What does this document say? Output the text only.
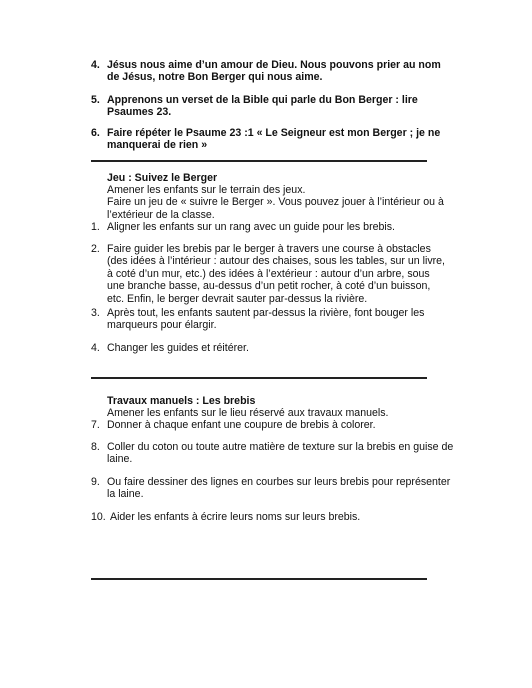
4. Jésus nous aime d’un amour de Dieu. Nous pouvons prier au nom
de Jésus, notre Bon Berger qui nous aime.
5. Apprenons un verset de la Bible qui parle du Bon Berger : lire
Psaumes 23.
6. Faire répéter le Psaume 23 :1 « Le Seigneur est mon Berger ; je ne
manquerai de rien »
Jeu : Suivez le Berger
Amener les enfants sur le terrain des jeux.
Faire un jeu de « suivre le Berger ». Vous pouvez jouer à l’intérieur ou à
l’extérieur de la classe.
1. Aligner les enfants sur un rang avec un guide pour les brebis.
2. Faire guider les brebis par le berger à travers une course à obstacles
(des idées à l’intérieur : autour des chaises, sous les tables, sur un livre,
à coté d’un mur, etc.) des idées à l’extérieur : autour d’un arbre, sous
une branche basse, au-dessus d’un petit rocher, à coté d’un buisson,
etc. Enfin, le berger devrait sauter par-dessus la rivière.
3. Après tout, les enfants sautent par-dessus la rivière, font bouger les
marqueurs pour élargir.
4. Changer les guides et réitérer.
Travaux manuels : Les brebis
Amener les enfants sur le lieu réservé aux travaux manuels.
7. Donner à chaque enfant une coupure de brebis à colorer.
8. Coller du coton ou toute autre matière de texture sur la brebis en guise de
laine.
9. Ou faire dessiner des lignes en courbes sur leurs brebis pour représenter
la laine.
10. Aider les enfants à écrire leurs noms sur leurs brebis.
